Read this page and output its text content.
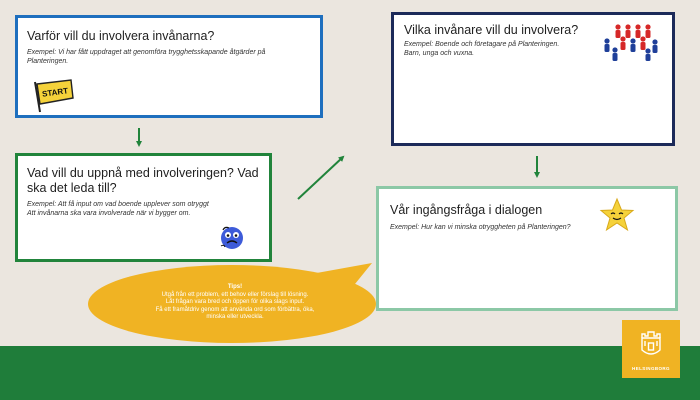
Varför vill du involvera invånarna?

Exempel: Vi har fått uppdraget att genomföra trygghetsskapande åtgärder på Planteringen.

Vad vill du uppnå med involveringen? Vad ska det leda till?

Exempel: Att få input om vad boende upplever som otryggt
Att invånarna ska vara involverade när vi bygger om.

Vilka invånare vill du involvera?

Exempel: Boende och företagare på Planteringen.
Barn, unga och vuxna.

Vår ingångsfråga i dialogen

Exempel: Hur kan vi minska otryggheten på Planteringen?

START
Tips!
Utgå från ett problem, ett behov eller förslag till lösning.
Låt frågan vara bred och öppen för olika slags input.
Få ett framåtdriv genom att använda ord som förbättra, öka,
minska eller utveckla.
HELSINGBORG
